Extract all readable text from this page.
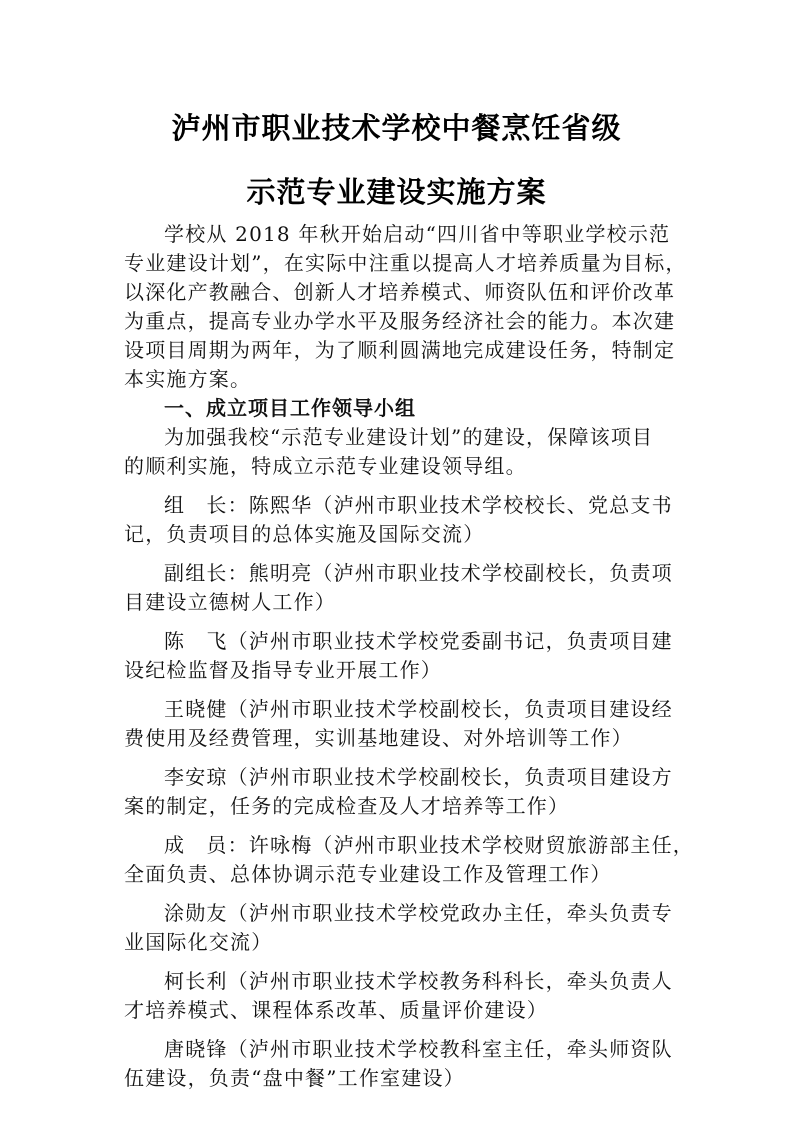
泸州市职业技术学校中餐烹饪省级
示范专业建设实施方案
学校从 2018 年秋开始启动“四川省中等职业学校示范
专业建设计划”，在实际中注重以提高人才培养质量为目标，
以深化产教融合、创新人才培养模式、师资队伍和评价改革
为重点，提高专业办学水平及服务经济社会的能力。本次建
设项目周期为两年，为了顺利圆满地完成建设任务，特制定
本实施方案。
一、成立项目工作领导小组
为加强我校“示范专业建设计划”的建设，保障该项目
的顺利实施，特成立示范专业建设领导组。
组　长：陈熙华（泸州市职业技术学校校长、党总支书
记，负责项目的总体实施及国际交流）
副组长：熊明亮（泸州市职业技术学校副校长，负责项
目建设立德树人工作）
陈　飞（泸州市职业技术学校党委副书记，负责项目建
设纪检监督及指导专业开展工作）
王晓健（泸州市职业技术学校副校长，负责项目建设经
费使用及经费管理，实训基地建设、对外培训等工作）
李安琼（泸州市职业技术学校副校长，负责项目建设方
案的制定，任务的完成检查及人才培养等工作）
成　员：许咏梅（泸州市职业技术学校财贸旅游部主任，
全面负责、总体协调示范专业建设工作及管理工作）
涂勋友（泸州市职业技术学校党政办主任，牵头负责专
业国际化交流）
柯长利（泸州市职业技术学校教务科科长，牵头负责人
才培养模式、课程体系改革、质量评价建设）
唐晓锋（泸州市职业技术学校教科室主任，牵头师资队
伍建设，负责“盘中餐”工作室建设）
